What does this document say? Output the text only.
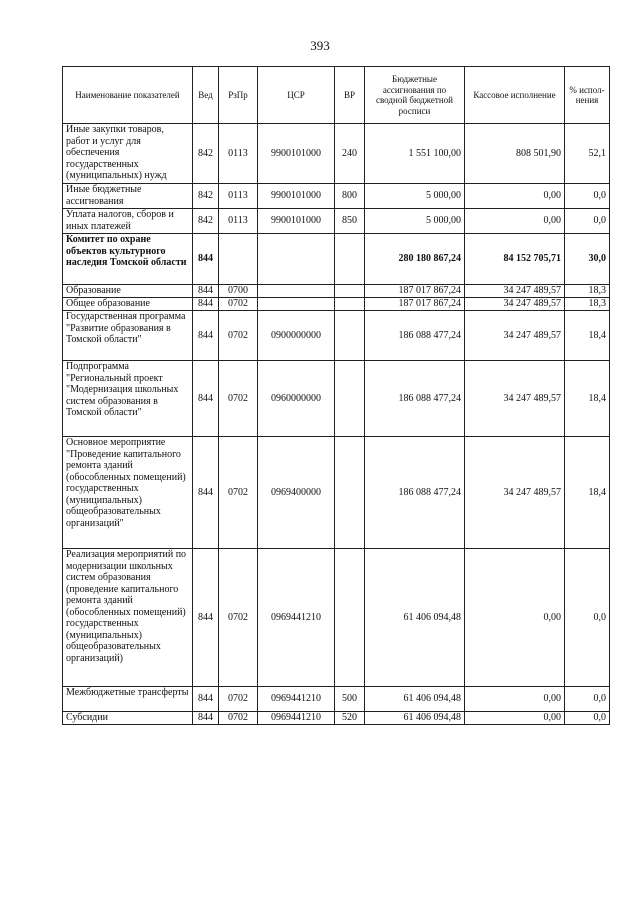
393
Наименование показателей	Вед	РзПр	ЦСР	ВР	Бюджетные ассигнования по сводной бюджетной росписи	Кассовое исполнение	% испол-нения
Иные закупки товаров, работ и услуг для обеспечения государственных (муниципальных) нужд	842	0113	9900101000	240	1 551 100,00	808 501,90	52,1
Иные бюджетные ассигнования	842	0113	9900101000	800	5 000,00	0,00	0,0
Уплата налогов, сборов и иных платежей	842	0113	9900101000	850	5 000,00	0,00	0,0
Комитет по охране объектов культурного наследия Томской области	844				280 180 867,24	84 152 705,71	30,0
Образование	844	0700			187 017 867,24	34 247 489,57	18,3
Общее образование	844	0702			187 017 867,24	34 247 489,57	18,3
Государственная программа "Развитие образования в Томской области"	844	0702	0900000000		186 088 477,24	34 247 489,57	18,4
Подпрограмма "Региональный проект "Модернизация школьных систем образования в Томской области"	844	0702	0960000000		186 088 477,24	34 247 489,57	18,4
Основное мероприятие "Проведение капитального ремонта зданий (обособленных помещений) государственных (муниципальных) общеобразовательных организаций"	844	0702	0969400000		186 088 477,24	34 247 489,57	18,4
Реализация мероприятий по модернизации школьных систем образования (проведение капитального ремонта зданий (обособленных помещений) государственных (муниципальных) общеобразовательных организаций)	844	0702	0969441210		61 406 094,48	0,00	0,0
Межбюджетные трансферты	844	0702	0969441210	500	61 406 094,48	0,00	0,0
Субсидии	844	0702	0969441210	520	61 406 094,48	0,00	0,0
